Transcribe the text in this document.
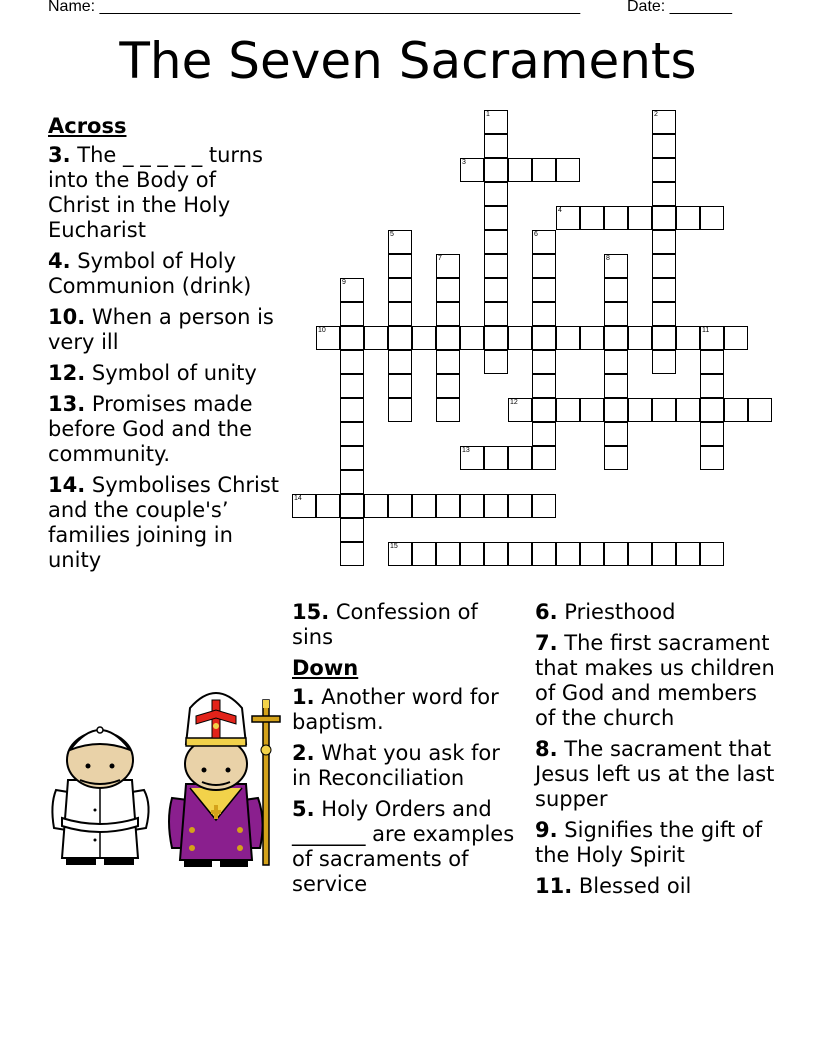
Name: ______________________________________________________	Date: _______
The Seven Sacraments
Across
3. The _ _ _ _ _ turns into the Body of Christ in the Holy Eucharist
4. Symbol of Holy Communion (drink)
10. When a person is very ill
12. Symbol of unity
13. Promises made before God and the community.
14. Symbolises Christ and the couple's’ families joining in unity
15. Confession of sins
Down
1. Another word for baptism.
2. What you ask for in Reconciliation
5. Holy Orders and _______ are examples of sacraments of service
6. Priesthood
7. The first sacrament that makes us children of God and members of the church
8. The sacrament that Jesus left us at the last supper
9. Signifies the gift of the Holy Spirit
11. Blessed oil
1	2
3
4
5	6
7	8
9
10	11
12
13
14
15
